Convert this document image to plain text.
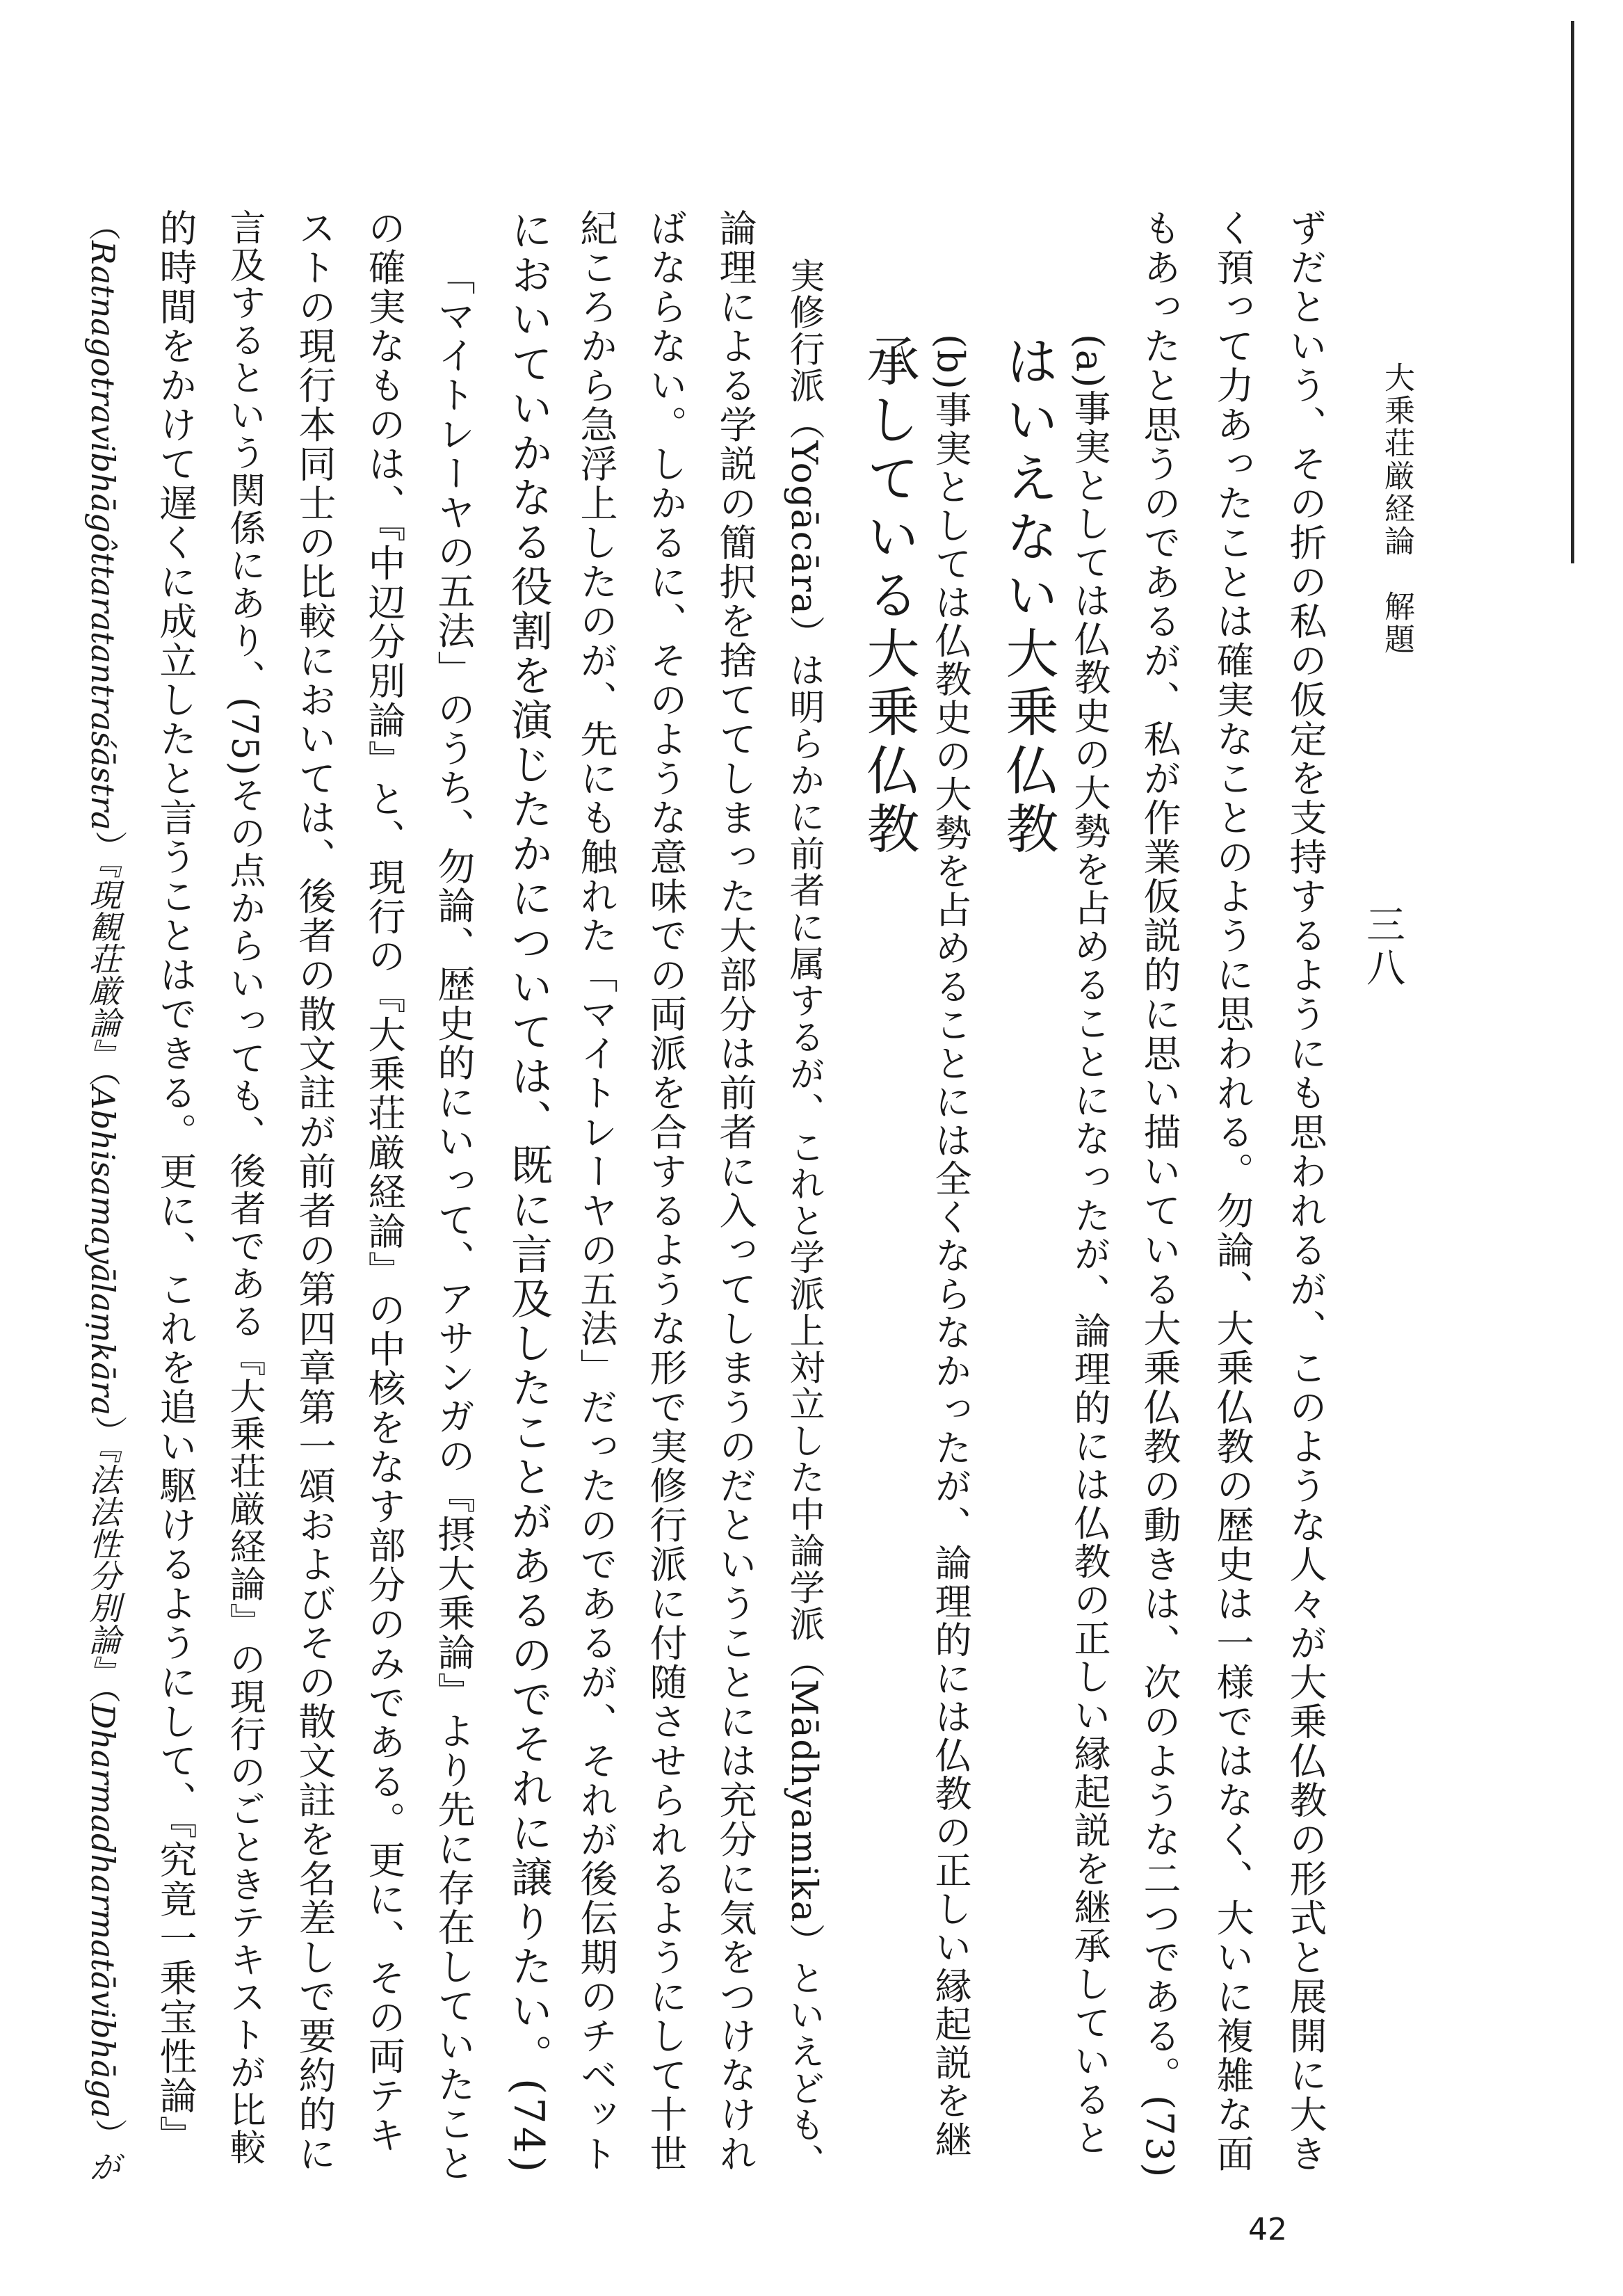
大乗荘厳経論　解題
三八
ずだという、その折の私の仮定を支持するようにも思われるが、このような人々が大乗仏教の形式と展開に大き
く預って力あったことは確実なことのように思われる。勿論、大乗仏教の歴史は一様ではなく、大いに複雑な面
もあったと思うのであるが、私が作業仮説的に思い描いている大乗仏教の動きは、次のような二つである。(73)
(a)事実としては仏教史の大勢を占めることになったが、論理的には仏教の正しい縁起説を継承していると
はいえない大乗仏教
(b)事実としては仏教史の大勢を占めることには全くならなかったが、論理的には仏教の正しい縁起説を継
承している大乗仏教
実修行派（Yogācāra）は明らかに前者に属するが、これと学派上対立した中論学派（Mādhyamika）といえども、
論理による学説の簡択を捨ててしまった大部分は前者に入ってしまうのだということには充分に気をつけなけれ
ばならない。しかるに、そのような意味での両派を合するような形で実修行派に付随させられるようにして十世
紀ころから急浮上したのが、先にも触れた「マイトレーヤの五法」だったのであるが、それが後伝期のチベット
においていかなる役割を演じたかについては、既に言及したことがあるのでそれに譲りたい。(74)
「マイトレーヤの五法」のうち、勿論、歴史的にいって、アサンガの『摂大乗論』より先に存在していたこと
の確実なものは、『中辺分別論』と、現行の『大乗荘厳経論』の中核をなす部分のみである。更に、その両テキ
ストの現行本同士の比較においては、後者の散文註が前者の第四章第一頌およびその散文註を名差しで要約的に
言及するという関係にあり、(75)その点からいっても、後者である『大乗荘厳経論』の現行のごときテキストが比較
的時間をかけて遅くに成立したと言うことはできる。更に、これを追い駆けるようにして、『究竟一乗宝性論』
（Ratnagotravibhāgôttaratantraśāstra）『現観荘厳論』（Abhisamayālaṃkāra）『法法性分別論』（Dharmadharmatāvibhāga）が
42
